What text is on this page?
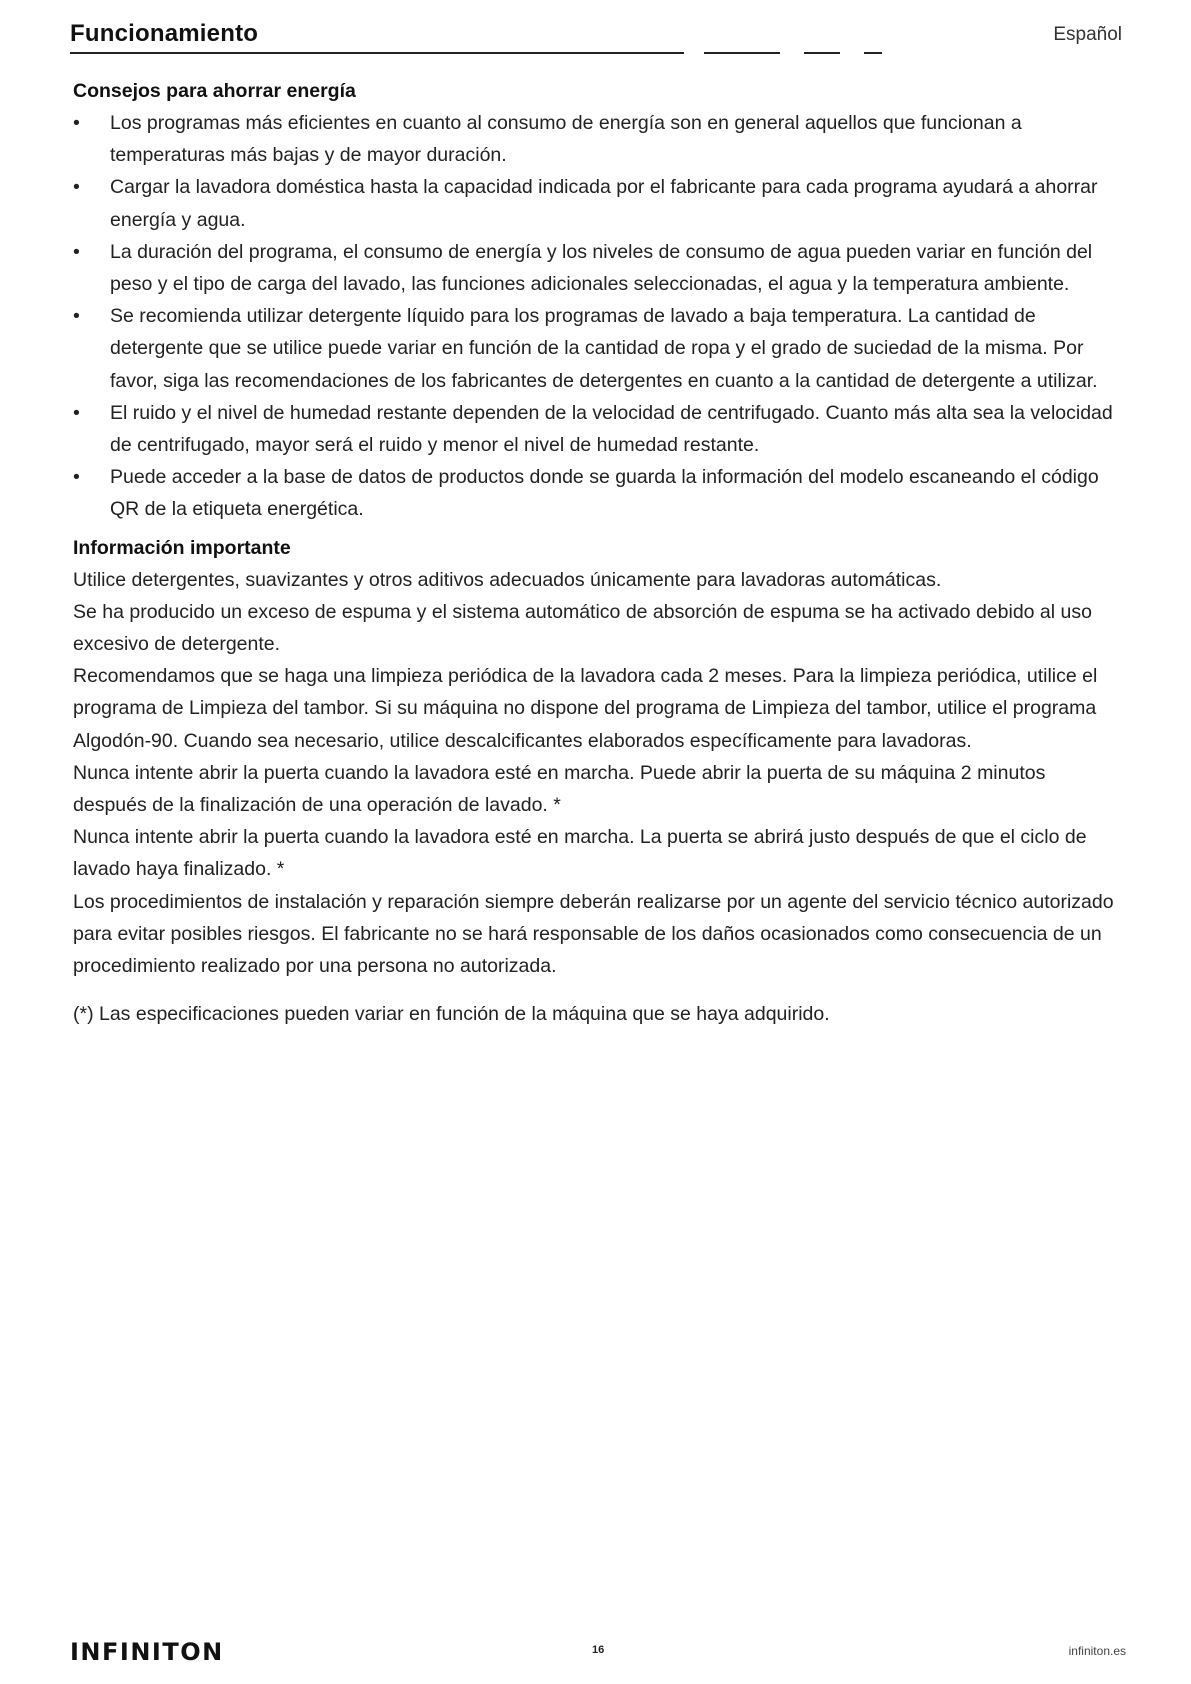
Funcionamiento	Español
Consejos para ahorrar energía
• Los programas más eficientes en cuanto al consumo de energía son en general aquellos que funcionan a temperaturas más bajas y de mayor duración.
• Cargar la lavadora doméstica hasta la capacidad indicada por el fabricante para cada programa ayudará a ahorrar energía y agua.
• La duración del programa, el consumo de energía y los niveles de consumo de agua pueden variar en función del peso y el tipo de carga del lavado, las funciones adicionales seleccionadas, el agua y la temperatura ambiente.
• Se recomienda utilizar detergente líquido para los programas de lavado a baja temperatura. La cantidad de detergente que se utilice puede variar en función de la cantidad de ropa y el grado de suciedad de la misma. Por favor, siga las recomendaciones de los fabricantes de detergentes en cuanto a la cantidad de detergente a utilizar.
• El ruido y el nivel de humedad restante dependen de la velocidad de centrifugado. Cuanto más alta sea la velocidad de centrifugado, mayor será el ruido y menor el nivel de humedad restante.
• Puede acceder a la base de datos de productos donde se guarda la información del modelo escaneando el código QR de la etiqueta energética.
Información importante

Utilice detergentes, suavizantes y otros aditivos adecuados únicamente para lavadoras automáticas.

Se ha producido un exceso de espuma y el sistema automático de absorción de espuma se ha activado debido al uso excesivo de detergente.

Recomendamos que se haga una limpieza periódica de la lavadora cada 2 meses. Para la limpieza periódica, utilice el programa de Limpieza del tambor. Si su máquina no dispone del programa de Limpieza del tambor, utilice el programa Algodón-90. Cuando sea necesario, utilice descalcificantes elaborados específicamente para lavadoras.

Nunca intente abrir la puerta cuando la lavadora esté en marcha. Puede abrir la puerta de su máquina 2 minutos después de la finalización de una operación de lavado. *

Nunca intente abrir la puerta cuando la lavadora esté en marcha. La puerta se abrirá justo después de que el ciclo de lavado haya finalizado. *

Los procedimientos de instalación y reparación siempre deberán realizarse por un agente del servicio técnico autorizado para evitar posibles riesgos. El fabricante no se hará responsable de los daños ocasionados como consecuencia de un procedimiento realizado por una persona no autorizada.

(*) Las especificaciones pueden variar en función de la máquina que se haya adquirido.

INFINITON	16	infiniton.es
